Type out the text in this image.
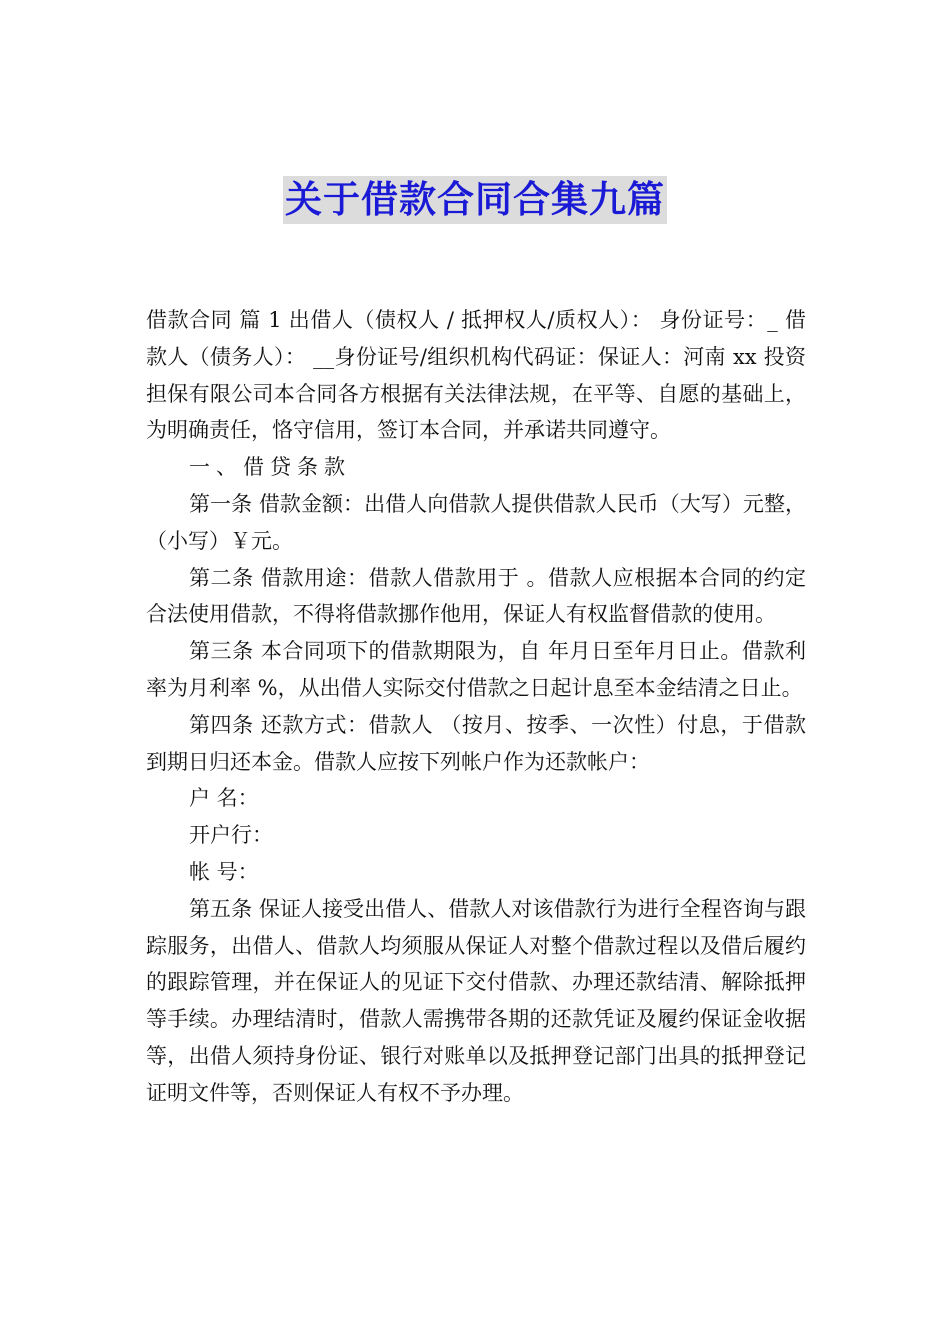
关于借款合同合集九篇

借款合同 篇 1 出借人（债权人 / 抵押权人/质权人）： 身份证号：_ 借款人（债务人）： __身份证号/组织机构代码证：保证人：河南 xx 投资担保有限公司本合同各方根据有关法律法规，在平等、自愿的基础上，为明确责任，恪守信用，签订本合同，并承诺共同遵守。

一、借贷条款

第一条 借款金额：出借人向借款人提供借款人民币（大写）元整，（小写）￥元。

第二条 借款用途：借款人借款用于 。借款人应根据本合同的约定合法使用借款，不得将借款挪作他用，保证人有权监督借款的使用。

第三条 本合同项下的借款期限为，自 年月日至年月日止。借款利率为月利率 %，从出借人实际交付借款之日起计息至本金结清之日止。

第四条 还款方式：借款人 （按月、按季、一次性）付息，于借款到期日归还本金。借款人应按下列帐户作为还款帐户：

户 名：

开户行：

帐 号：

第五条 保证人接受出借人、借款人对该借款行为进行全程咨询与跟踪服务，出借人、借款人均须服从保证人对整个借款过程以及借后履约的跟踪管理，并在保证人的见证下交付借款、办理还款结清、解除抵押等手续。办理结清时，借款人需携带各期的还款凭证及履约保证金收据等，出借人须持身份证、银行对账单以及抵押登记部门出具的抵押登记证明文件等，否则保证人有权不予办理。
